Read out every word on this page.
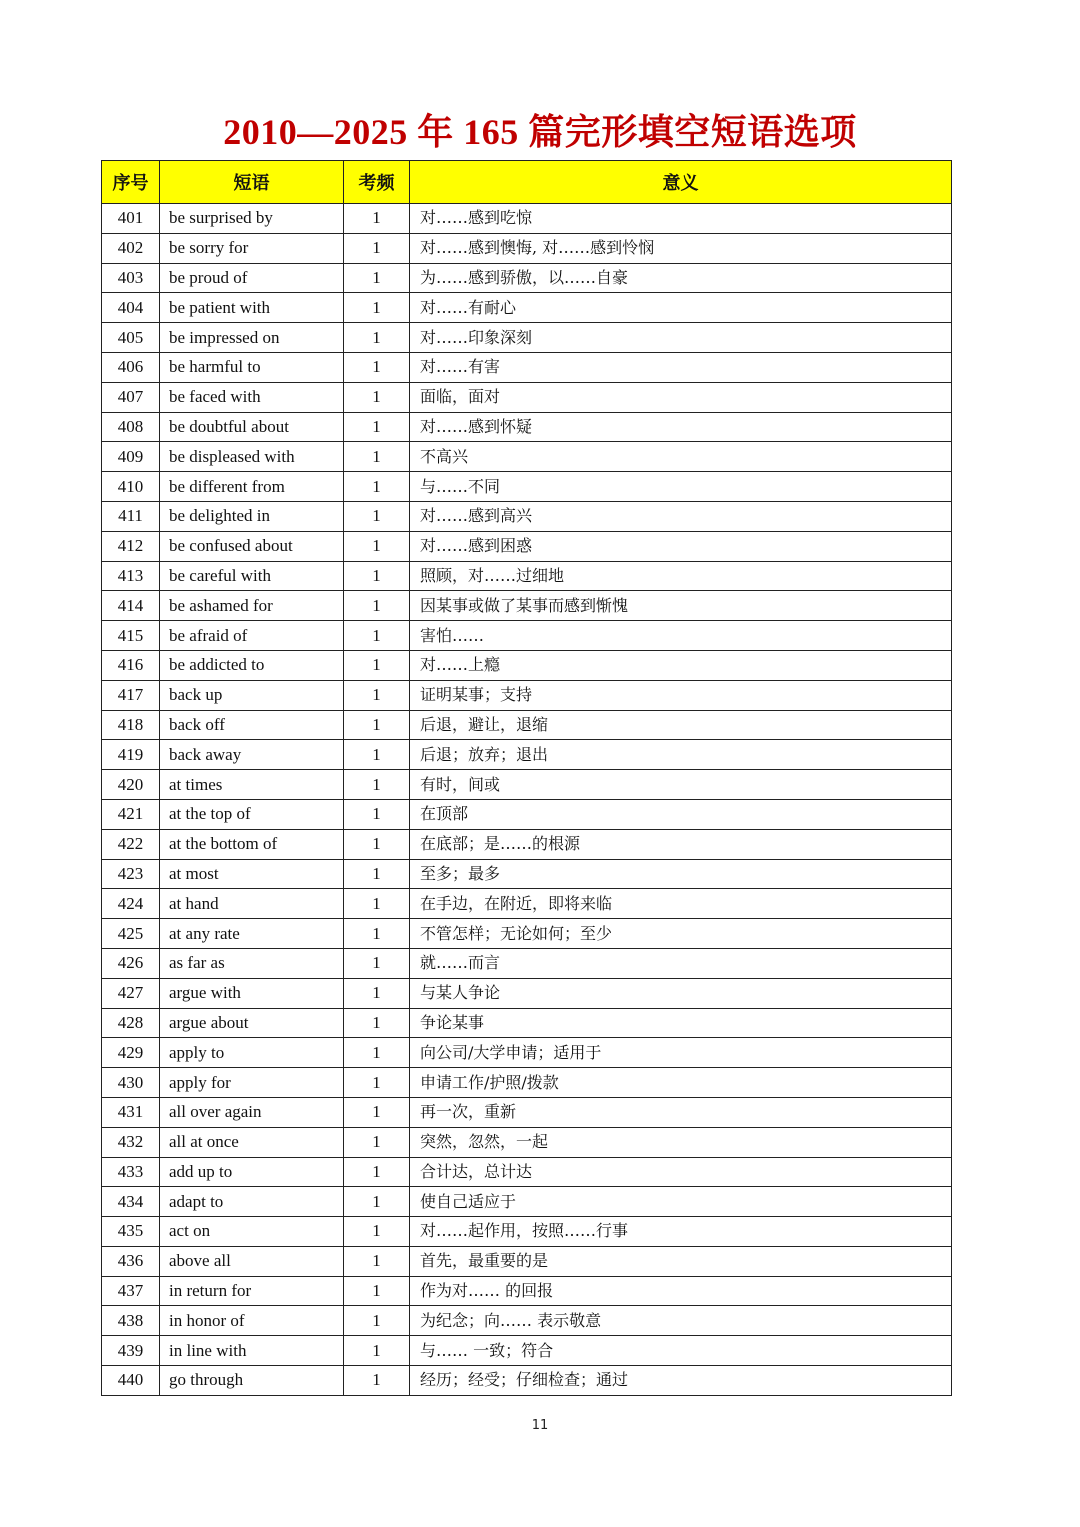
2010—2025 年 165 篇完形填空短语选项
序号	短语	考频	意义
401	be surprised by	1	对……感到吃惊
402	be sorry for	1	对……感到懊悔, 对……感到怜悯
403	be proud of	1	为……感到骄傲，以……自豪
404	be patient with	1	对……有耐心
405	be impressed on	1	对……印象深刻
406	be harmful to	1	对……有害
407	be faced with	1	面临，面对
408	be doubtful about	1	对……感到怀疑
409	be displeased with	1	不高兴
410	be different from	1	与……不同
411	be delighted in	1	对……感到高兴
412	be confused about	1	对……感到困惑
413	be careful with	1	照顾，对……过细地
414	be ashamed for	1	因某事或做了某事而感到惭愧
415	be afraid of	1	害怕……
416	be addicted to	1	对……上瘾
417	back up	1	证明某事；支持
418	back off	1	后退，避让，退缩
419	back away	1	后退；放弃；退出
420	at times	1	有时，间或
421	at the top of	1	在顶部
422	at the bottom of	1	在底部；是……的根源
423	at most	1	至多；最多
424	at hand	1	在手边，在附近，即将来临
425	at any rate	1	不管怎样；无论如何；至少
426	as far as	1	就……而言
427	argue with	1	与某人争论
428	argue about	1	争论某事
429	apply to	1	向公司/大学申请；适用于
430	apply for	1	申请工作/护照/拨款
431	all over again	1	再一次，重新
432	all at once	1	突然，忽然，一起
433	add up to	1	合计达，总计达
434	adapt to	1	使自己适应于
435	act on	1	对……起作用，按照……行事
436	above all	1	首先，最重要的是
437	in return for	1	作为对…… 的回报
438	in honor of	1	为纪念；向…… 表示敬意
439	in line with	1	与…… 一致；符合
440	go through	1	经历；经受；仔细检查；通过
11
